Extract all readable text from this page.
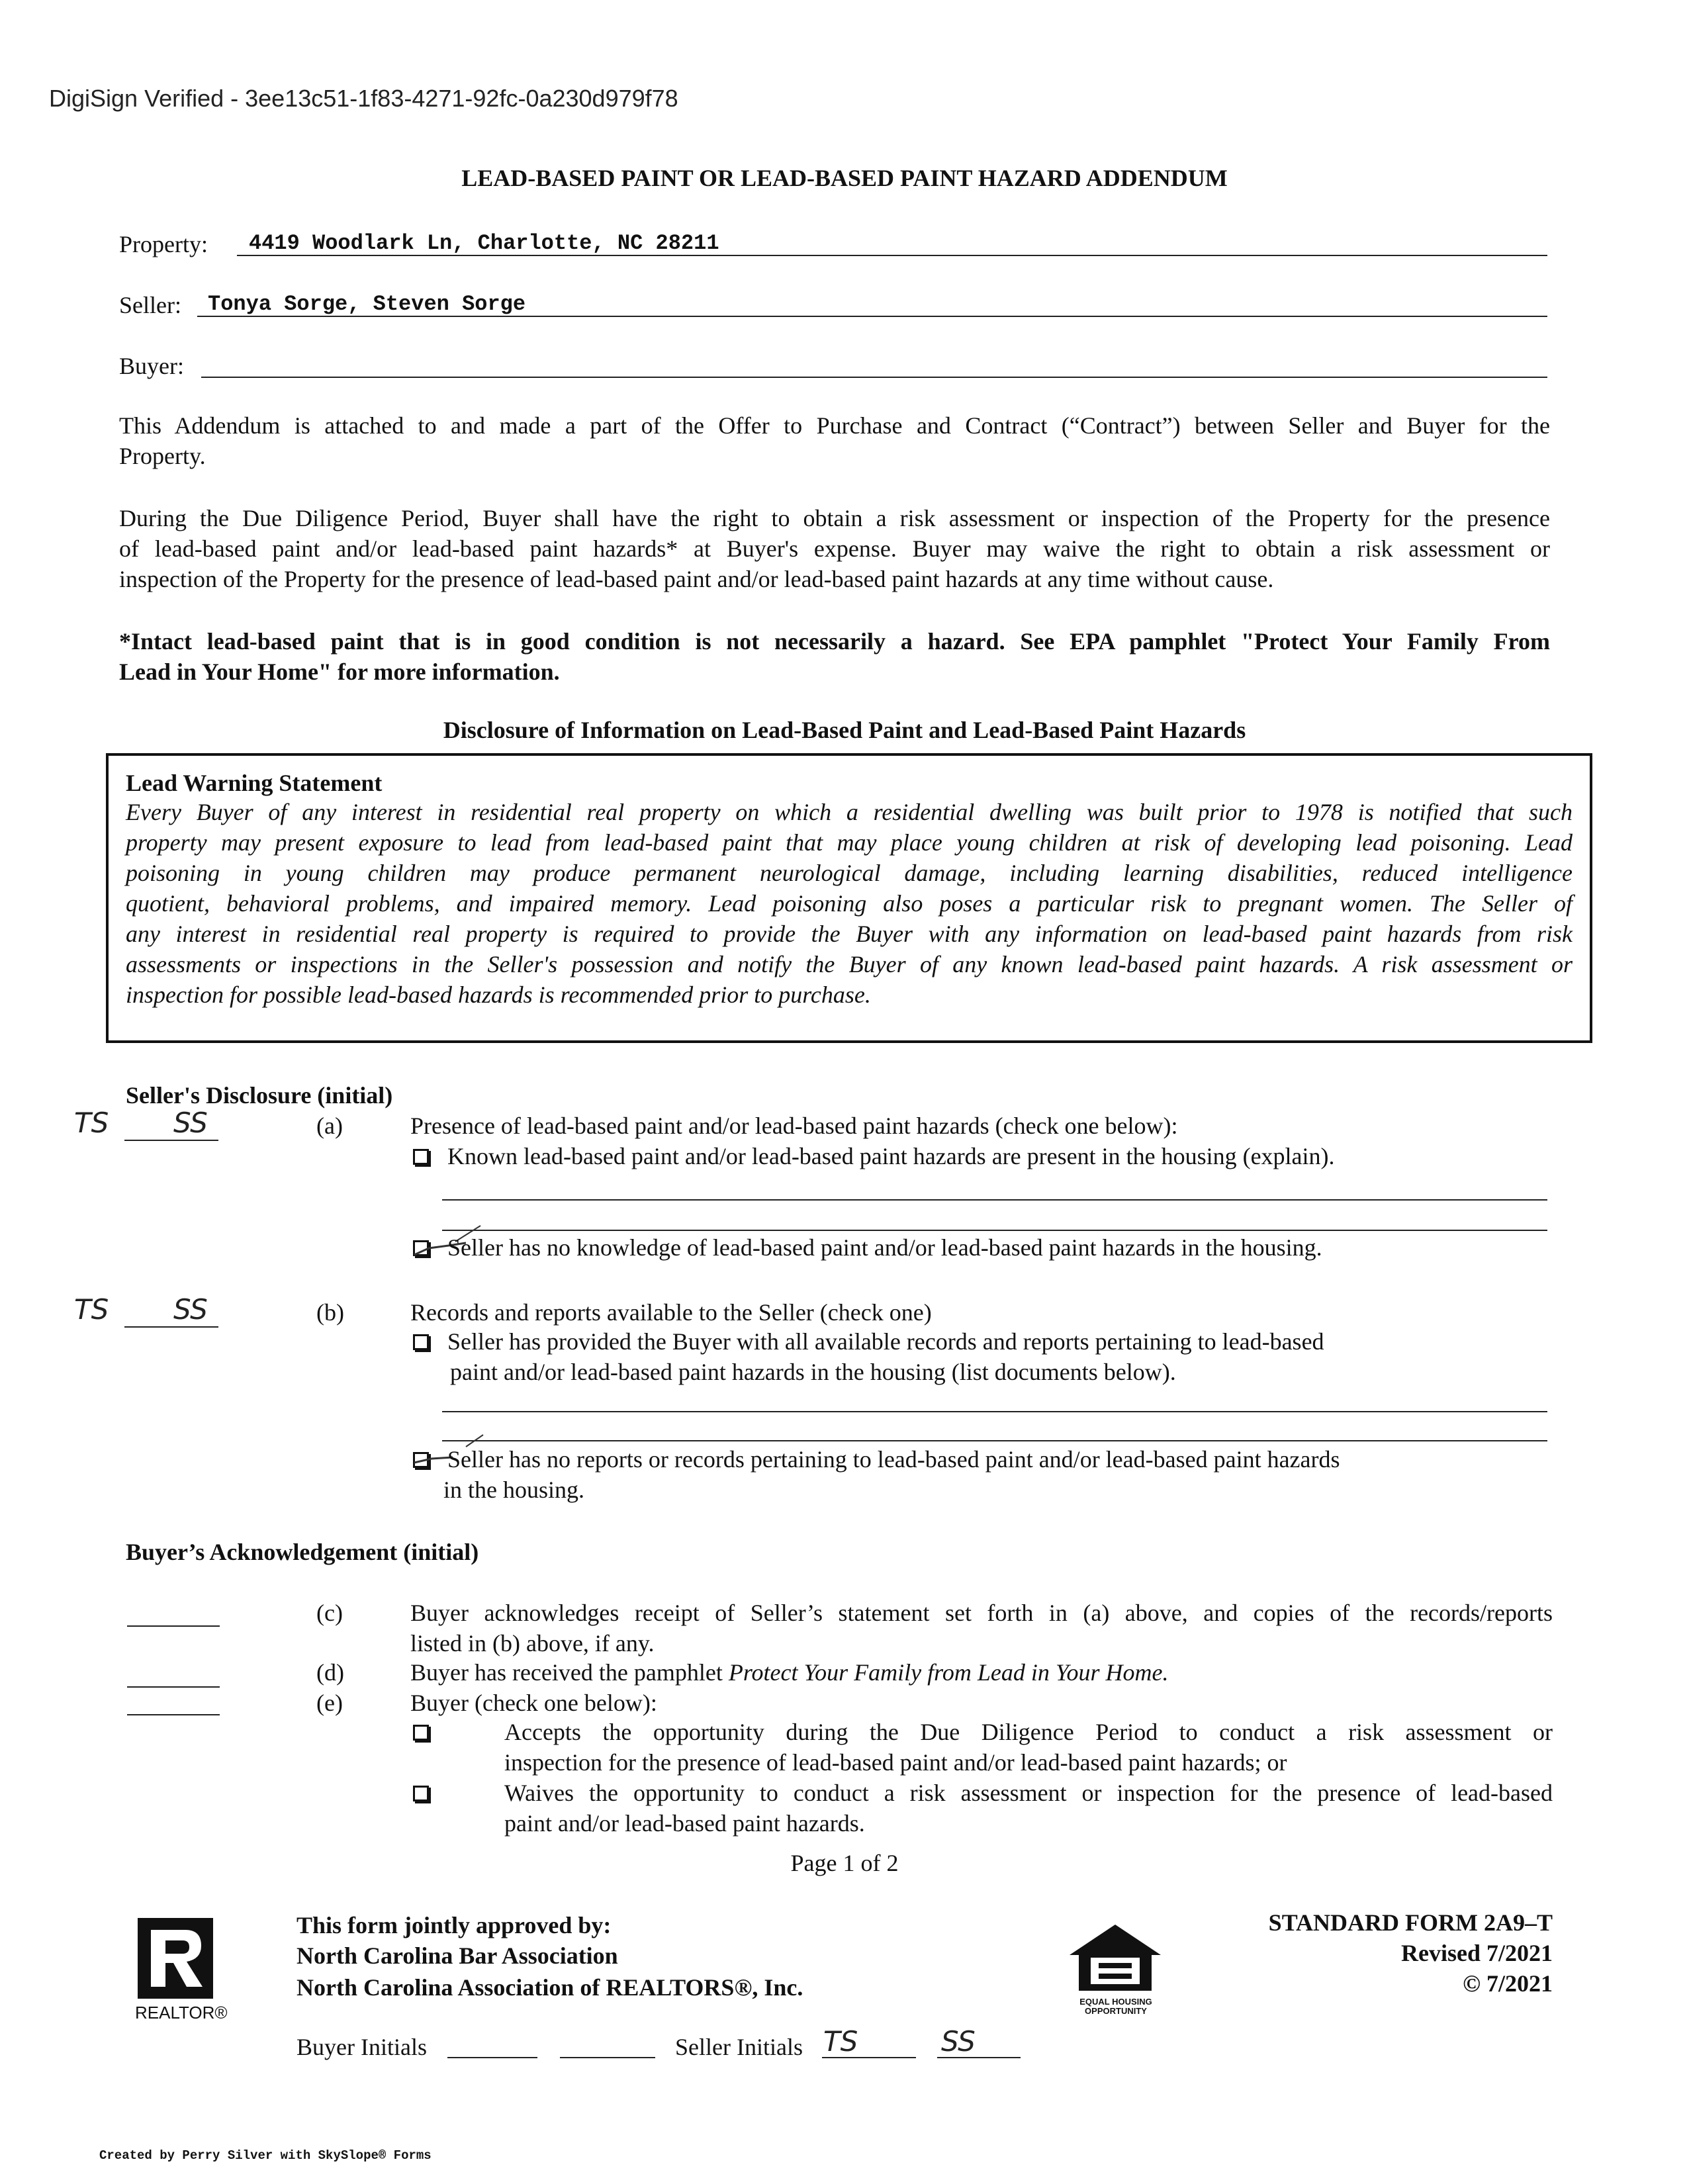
DigiSign Verified - 3ee13c51-1f83-4271-92fc-0a230d979f78
LEAD-BASED PAINT OR LEAD-BASED PAINT HAZARD ADDENDUM
Property: 4419 Woodlark Ln, Charlotte, NC 28211
Seller: Tonya Sorge, Steven Sorge
Buyer:
This Addendum is attached to and made a part of the Offer to Purchase and Contract (“Contract”) between Seller and Buyer for the
Property.
During the Due Diligence Period, Buyer shall have the right to obtain a risk assessment or inspection of the Property for the presence
of lead-based paint and/or lead-based paint hazards* at Buyer's expense. Buyer may waive the right to obtain a risk assessment or
inspection of the Property for the presence of lead-based paint and/or lead-based paint hazards at any time without cause.
*Intact lead-based paint that is in good condition is not necessarily a hazard. See EPA pamphlet "Protect Your Family From
Lead in Your Home" for more information.
Disclosure of Information on Lead-Based Paint and Lead-Based Paint Hazards
Lead Warning Statement
Every Buyer of any interest in residential real property on which a residential dwelling was built prior to 1978 is notified that such
property may present exposure to lead from lead-based paint that may place young children at risk of developing lead poisoning. Lead
poisoning in young children may produce permanent neurological damage, including learning disabilities, reduced intelligence
quotient, behavioral problems, and impaired memory. Lead poisoning also poses a particular risk to pregnant women. The Seller of
any interest in residential real property is required to provide the Buyer with any information on lead-based paint hazards from risk
assessments or inspections in the Seller's possession and notify the Buyer of any known lead-based paint hazards. A risk assessment or
inspection for possible lead-based hazards is recommended prior to purchase.
Seller's Disclosure (initial)
TS SS	(a)	Presence of lead-based paint and/or lead-based paint hazards (check one below):
Known lead-based paint and/or lead-based paint hazards are present in the housing (explain).
Seller has no knowledge of lead-based paint and/or lead-based paint hazards in the housing.
TS SS	(b)	Records and reports available to the Seller (check one)
Seller has provided the Buyer with all available records and reports pertaining to lead-based
paint and/or lead-based paint hazards in the housing (list documents below).
Seller has no reports or records pertaining to lead-based paint and/or lead-based paint hazards
in the housing.
Buyer’s Acknowledgement (initial)
(c)	Buyer acknowledges receipt of Seller’s statement set forth in (a) above, and copies of the records/reports
listed in (b) above, if any.
(d)	Buyer has received the pamphlet Protect Your Family from Lead in Your Home.
(e)	Buyer (check one below):
Accepts the opportunity during the Due Diligence Period to conduct a risk assessment or
inspection for the presence of lead-based paint and/or lead-based paint hazards; or
Waives the opportunity to conduct a risk assessment or inspection for the presence of lead-based
paint and/or lead-based paint hazards.
Page 1 of 2
REALTOR®
This form jointly approved by:
North Carolina Bar Association
North Carolina Association of REALTORS®, Inc.
EQUAL HOUSING
OPPORTUNITY
STANDARD FORM 2A9–T
Revised 7/2021
© 7/2021
Buyer Initials	Seller Initials TS	SS
Created by Perry Silver with SkySlope® Forms
